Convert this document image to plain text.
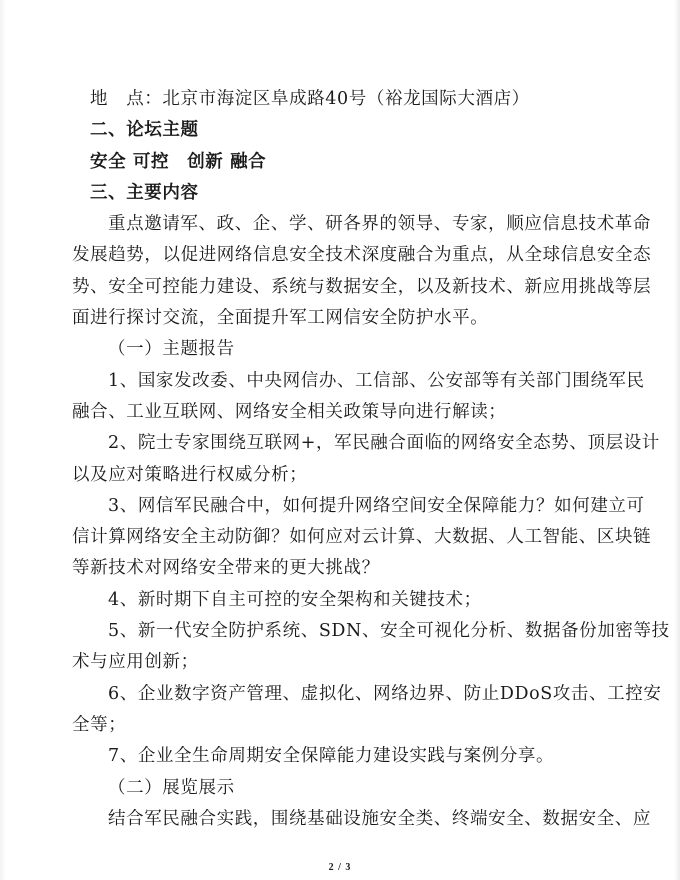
地　点：北京市海淀区阜成路40号（裕龙国际大酒店）
二、论坛主题
安全 可控　创新 融合
三、主要内容
重点邀请军、政、企、学、研各界的领导、专家，顺应信息技术革命
发展趋势，以促进网络信息安全技术深度融合为重点，从全球信息安全态
势、安全可控能力建设、系统与数据安全，以及新技术、新应用挑战等层
面进行探讨交流，全面提升军工网信安全防护水平。
（一）主题报告
1、国家发改委、中央网信办、工信部、公安部等有关部门围绕军民
融合、工业互联网、网络安全相关政策导向进行解读；
2、院士专家围绕互联网+，军民融合面临的网络安全态势、顶层设计
以及应对策略进行权威分析；
3、网信军民融合中，如何提升网络空间安全保障能力？如何建立可
信计算网络安全主动防御？如何应对云计算、大数据、人工智能、区块链
等新技术对网络安全带来的更大挑战？
4、新时期下自主可控的安全架构和关键技术；
5、新一代安全防护系统、SDN、安全可视化分析、数据备份加密等技
术与应用创新；
6、企业数字资产管理、虚拟化、网络边界、防止DDoS攻击、工控安
全等；
7、企业全生命周期安全保障能力建设实践与案例分享。
（二）展览展示
结合军民融合实践，围绕基础设施安全类、终端安全、数据安全、应
2 / 3
